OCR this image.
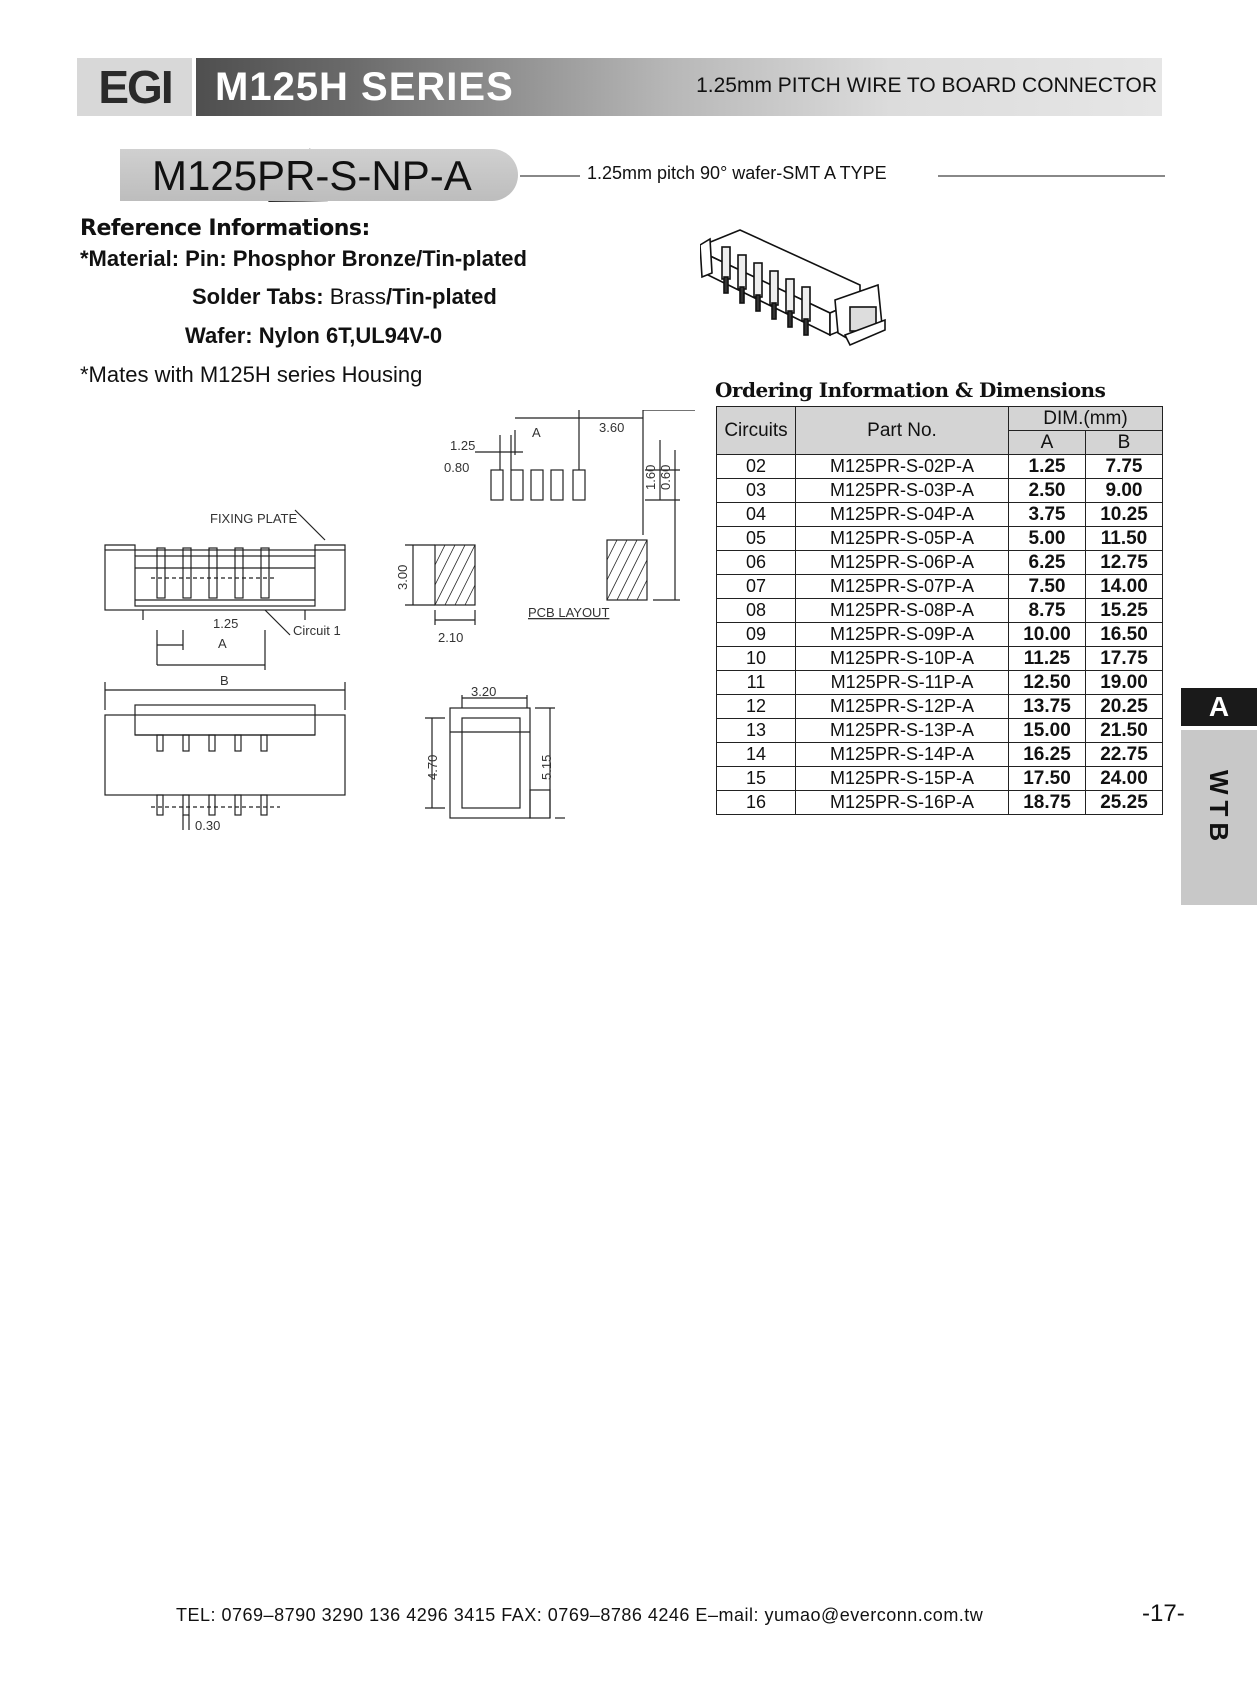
EGI	M125H SERIES	1.25mm PITCH WIRE TO BOARD CONNECTOR
M125PR-S-NP-A	1.25mm pitch 90° wafer-SMT A TYPE
Reference Informations:
*Material: Pin: Phosphor Bronze/Tin-plated
Solder Tabs: Brass/Tin-plated
Wafer: Nylon 6T,UL94V-0
*Mates with M125H series Housing
FIXING PLATE
Circuit 1
1.25
A
B
0.30
1.25
0.80
A	3.60
1.60 0.60
3.00
2.10
PCB LAYOUT
3.20
4.70	5.15
Ordering Information & Dimensions
Circuits	Part No.	DIM.(mm)	
		A	B
02	M125PR-S-02P-A	1.25	7.75
03	M125PR-S-03P-A	2.50	9.00
04	M125PR-S-04P-A	3.75	10.25
05	M125PR-S-05P-A	5.00	11.50
06	M125PR-S-06P-A	6.25	12.75
07	M125PR-S-07P-A	7.50	14.00
08	M125PR-S-08P-A	8.75	15.25
09	M125PR-S-09P-A	10.00	16.50
10	M125PR-S-10P-A	11.25	17.75
11	M125PR-S-11P-A	12.50	19.00
12	M125PR-S-12P-A	13.75	20.25
13	M125PR-S-13P-A	15.00	21.50
14	M125PR-S-14P-A	16.25	22.75
15	M125PR-S-15P-A	17.50	24.00
16	M125PR-S-16P-A	18.75	25.25
A
WTB
TEL: 0769–8790 3290 136 4296 3415 FAX: 0769–8786 4246 E–mail: yumao@everconn.com.tw	-17-
